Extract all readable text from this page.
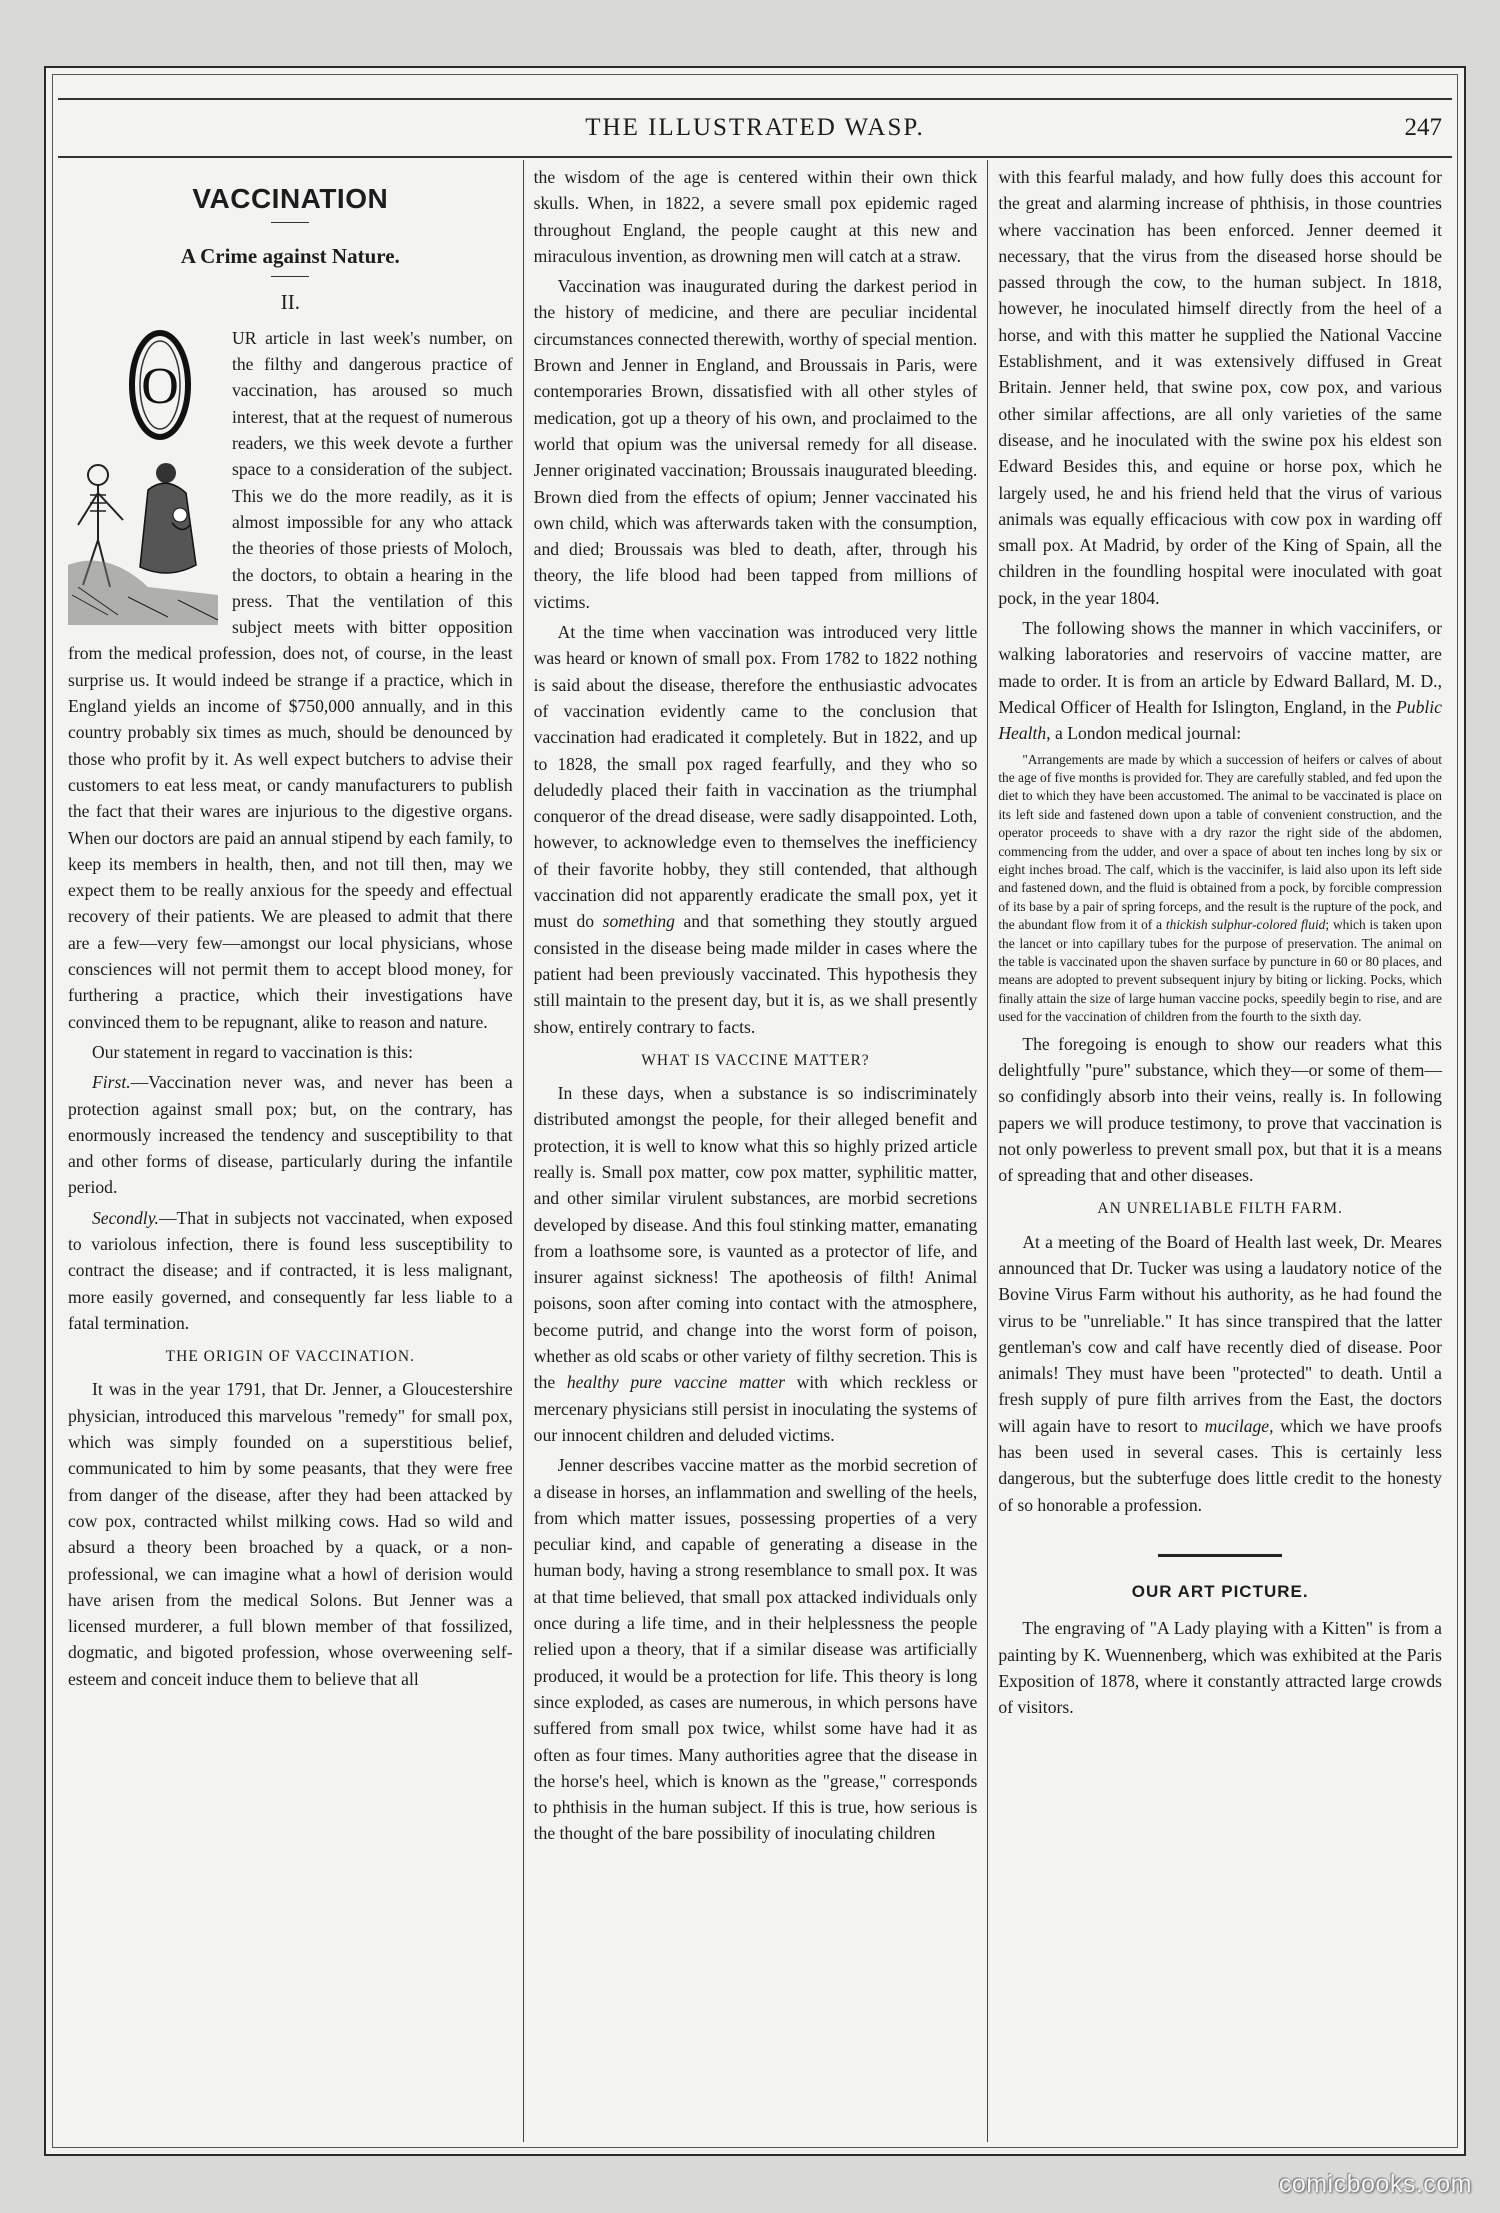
THE ILLUSTRATED WASP.	247
VACCINATION
A Crime against Nature.
II.
O

UR article in last week's number, on the filthy and dangerous practice of vaccination, has aroused so much interest, that at the request of numerous readers, we this week devote a further space to a consideration of the subject. This we do the more readily, as it is almost impossible for any who attack the theories of those priests of Moloch, the doctors, to obtain a hearing in the press. That the ventilation of this subject meets with bitter opposition from the medical profession, does not, of course, in the least surprise us. It would indeed be strange if a practice, which in England yields an income of $750,000 annually, and in this country probably six times as much, should be denounced by those who profit by it. As well expect butchers to advise their customers to eat less meat, or candy manufacturers to publish the fact that their wares are injurious to the digestive organs. When our doctors are paid an annual stipend by each family, to keep its members in health, then, and not till then, may we expect them to be really anxious for the speedy and effectual recovery of their patients. We are pleased to admit that there are a few—very few—amongst our local physicians, whose consciences will not permit them to accept blood money, for furthering a practice, which their investigations have convinced them to be repugnant, alike to reason and nature.

Our statement in regard to vaccination is this:

First.—Vaccination never was, and never has been a protection against small pox; but, on the contrary, has enormously increased the tendency and susceptibility to that and other forms of disease, particularly during the infantile period.

Secondly.—That in subjects not vaccinated, when exposed to variolous infection, there is found less susceptibility to contract the disease; and if contracted, it is less malignant, more easily governed, and consequently far less liable to a fatal termination.

THE ORIGIN OF VACCINATION.

It was in the year 1791, that Dr. Jenner, a Gloucestershire physician, introduced this marvelous "remedy" for small pox, which was simply founded on a superstitious belief, communicated to him by some peasants, that they were free from danger of the disease, after they had been attacked by cow pox, contracted whilst milking cows. Had so wild and absurd a theory been broached by a quack, or a non-professional, we can imagine what a howl of derision would have arisen from the medical Solons. But Jenner was a licensed murderer, a full blown member of that fossilized, dogmatic, and bigoted profession, whose overweening self-esteem and conceit induce them to believe that all

the wisdom of the age is centered within their own thick skulls. When, in 1822, a severe small pox epidemic raged throughout England, the people caught at this new and miraculous invention, as drowning men will catch at a straw.

Vaccination was inaugurated during the darkest period in the history of medicine, and there are peculiar incidental circumstances connected therewith, worthy of special mention. Brown and Jenner in England, and Broussais in Paris, were contemporaries Brown, dissatisfied with all other styles of medication, got up a theory of his own, and proclaimed to the world that opium was the universal remedy for all disease. Jenner originated vaccination; Broussais inaugurated bleeding. Brown died from the effects of opium; Jenner vaccinated his own child, which was afterwards taken with the consumption, and died; Broussais was bled to death, after, through his theory, the life blood had been tapped from millions of victims.

At the time when vaccination was introduced very little was heard or known of small pox. From 1782 to 1822 nothing is said about the disease, therefore the enthusiastic advocates of vaccination evidently came to the conclusion that vaccination had eradicated it completely. But in 1822, and up to 1828, the small pox raged fearfully, and they who so deludedly placed their faith in vaccination as the triumphal conqueror of the dread disease, were sadly disappointed. Loth, however, to acknowledge even to themselves the inefficiency of their favorite hobby, they still contended, that although vaccination did not apparently eradicate the small pox, yet it must do something and that something they stoutly argued consisted in the disease being made milder in cases where the patient had been previously vaccinated. This hypothesis they still maintain to the present day, but it is, as we shall presently show, entirely contrary to facts.

WHAT IS VACCINE MATTER?

In these days, when a substance is so indiscriminately distributed amongst the people, for their alleged benefit and protection, it is well to know what this so highly prized article really is. Small pox matter, cow pox matter, syphilitic matter, and other similar virulent substances, are morbid secretions developed by disease. And this foul stinking matter, emanating from a loathsome sore, is vaunted as a protector of life, and insurer against sickness! The apotheosis of filth! Animal poisons, soon after coming into contact with the atmosphere, become putrid, and change into the worst form of poison, whether as old scabs or other variety of filthy secretion. This is the healthy pure vaccine matter with which reckless or mercenary physicians still persist in inoculating the systems of our innocent children and deluded victims.

Jenner describes vaccine matter as the morbid secretion of a disease in horses, an inflammation and swelling of the heels, from which matter issues, possessing properties of a very peculiar kind, and capable of generating a disease in the human body, having a strong resemblance to small pox. It was at that time believed, that small pox attacked individuals only once during a life time, and in their helplessness the people relied upon a theory, that if a similar disease was artificially produced, it would be a protection for life. This theory is long since exploded, as cases are numerous, in which persons have suffered from small pox twice, whilst some have had it as often as four times. Many authorities agree that the disease in the horse's heel, which is known as the "grease," corresponds to phthisis in the human subject. If this is true, how serious is the thought of the bare possibility of inoculating children

with this fearful malady, and how fully does this account for the great and alarming increase of phthisis, in those countries where vaccination has been enforced. Jenner deemed it necessary, that the virus from the diseased horse should be passed through the cow, to the human subject. In 1818, however, he inoculated himself directly from the heel of a horse, and with this matter he supplied the National Vaccine Establishment, and it was extensively diffused in Great Britain. Jenner held, that swine pox, cow pox, and various other similar affections, are all only varieties of the same disease, and he inoculated with the swine pox his eldest son Edward Besides this, and equine or horse pox, which he largely used, he and his friend held that the virus of various animals was equally efficacious with cow pox in warding off small pox. At Madrid, by order of the King of Spain, all the children in the foundling hospital were inoculated with goat pock, in the year 1804.

The following shows the manner in which vaccinifers, or walking laboratories and reservoirs of vaccine matter, are made to order. It is from an article by Edward Ballard, M. D., Medical Officer of Health for Islington, England, in the Public Health, a London medical journal:

"Arrangements are made by which a succession of heifers or calves of about the age of five months is provided for. They are carefully stabled, and fed upon the diet to which they have been accustomed. The animal to be vaccinated is place on its left side and fastened down upon a table of convenient construction, and the operator proceeds to shave with a dry razor the right side of the abdomen, commencing from the udder, and over a space of about ten inches long by six or eight inches broad. The calf, which is the vaccinifer, is laid also upon its left side and fastened down, and the fluid is obtained from a pock, by forcible compression of its base by a pair of spring forceps, and the result is the rupture of the pock, and the abundant flow from it of a thickish sulphur-colored fluid; which is taken upon the lancet or into capillary tubes for the purpose of preservation. The animal on the table is vaccinated upon the shaven surface by puncture in 60 or 80 places, and means are adopted to prevent subsequent injury by biting or licking. Pocks, which finally attain the size of large human vaccine pocks, speedily begin to rise, and are used for the vaccination of children from the fourth to the sixth day.

The foregoing is enough to show our readers what this delightfully "pure" substance, which they—or some of them—so confidingly absorb into their veins, really is. In following papers we will produce testimony, to prove that vaccination is not only powerless to prevent small pox, but that it is a means of spreading that and other diseases.

AN UNRELIABLE FILTH FARM.

At a meeting of the Board of Health last week, Dr. Meares announced that Dr. Tucker was using a laudatory notice of the Bovine Virus Farm without his authority, as he had found the virus to be "unreliable." It has since transpired that the latter gentleman's cow and calf have recently died of disease. Poor animals! They must have been "protected" to death. Until a fresh supply of pure filth arrives from the East, the doctors will again have to resort to mucilage, which we have proofs has been used in several cases. This is certainly less dangerous, but the subterfuge does little credit to the honesty of so honorable a profession.

OUR ART PICTURE.

The engraving of "A Lady playing with a Kitten" is from a painting by K. Wuennenberg, which was exhibited at the Paris Exposition of 1878, where it constantly attracted large crowds of visitors.

comicbooks.com
